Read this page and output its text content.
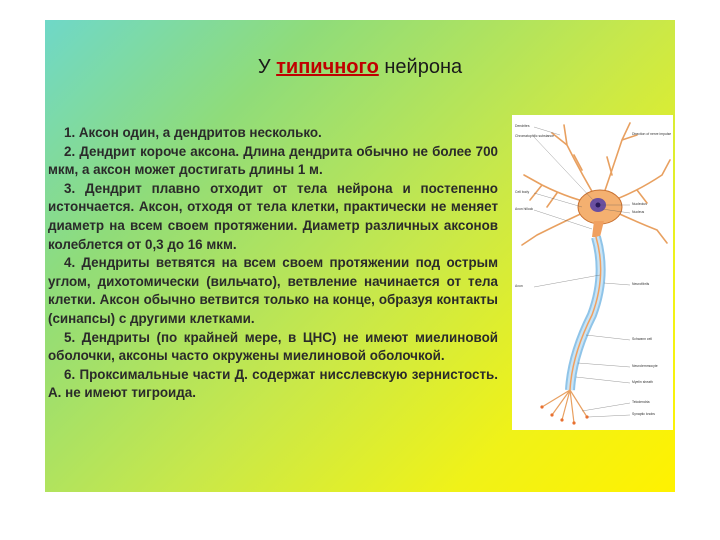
У типичного нейрона

1. Аксон один, а дендритов несколько.

2. Дендрит короче аксона. Длина дендрита обычно не более 700 мкм, а аксон может достигать длины 1 м.

3. Дендрит плавно отходит от тела нейрона и постепенно истончается. Аксон, отходя от тела клетки, практически не меняет диаметр на всем своем протяжении. Диаметр различных аксонов колеблется от 0,3 до 16 мкм.

4. Дендриты ветвятся на всем своем протяжении под острым углом, дихотомически (вильчато), ветвление начинается от тела клетки. Аксон обычно ветвится только на конце, образуя контакты (синапсы) с другими клетками.

5. Дендриты (по крайней мере, в ЦНС) не имеют миелиновой оболочки, аксоны часто окружены миелиновой оболочкой.

6. Проксимальные части Д. содержат нисслевскую зернистость. А. не имеют тигроида.

Dendrites
Chromatophilic substance
Cell body
Axon hillock
Axon
Direction of nerve impulse
Nucleolus
Nucleus
Neurofibrils
Schwann cell
Neurolemmocyte
Myelin sheath
Telodendria
Synaptic knobs
